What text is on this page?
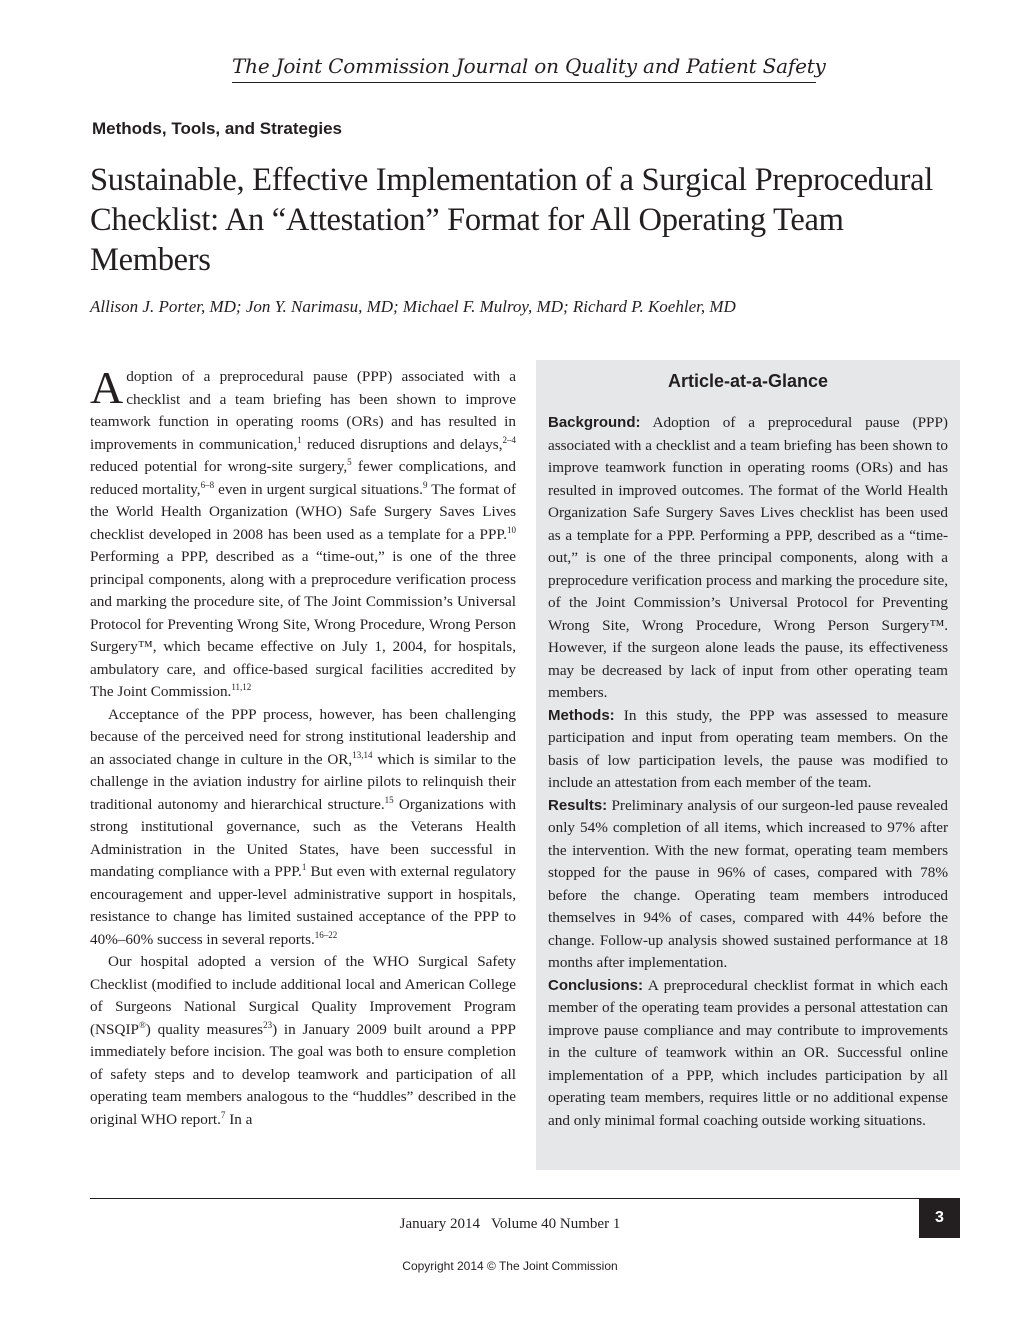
The Joint Commission Journal on Quality and Patient Safety
Methods, Tools, and Strategies
Sustainable, Effective Implementation of a Surgical Preprocedural Checklist: An “Attestation” Format for All Operating Team Members
Allison J. Porter, MD; Jon Y. Narimasu, MD; Michael F. Mulroy, MD; Richard P. Koehler, MD

Adoption of a preprocedural pause (PPP) associated with a checklist and a team briefing has been shown to improve teamwork function in operating rooms (ORs) and has resulted in improvements in communication,$^1$ reduced disruptions and delays,$^{2-4}$ reduced potential for wrong-site surgery,$^5$ fewer complications, and reduced mortality,$^{6-8}$ even in urgent surgical situations.$^9$ The format of the World Health Organization (WHO) Safe Surgery Saves Lives checklist developed in 2008 has been used as a template for a PPP.$^{10}$ Performing a PPP, described as a “time-out,” is one of the three principal components, along with a preprocedure verification process and marking the procedure site, of The Joint Commission’s Universal Protocol for Preventing Wrong Site, Wrong Procedure, Wrong Person Surgery™, which became effective on July 1, 2004, for hospitals, ambulatory care, and office-based surgical facilities accredited by The Joint Commission.$^{11,12}$

Acceptance of the PPP process, however, has been challenging because of the perceived need for strong institutional leadership and an associated change in culture in the OR,$^{13,14}$ which is similar to the challenge in the aviation industry for airline pilots to relinquish their traditional autonomy and hierarchical structure.$^{15}$ Organizations with strong institutional governance, such as the Veterans Health Administration in the United States, have been successful in mandating compliance with a PPP.$^1$ But even with external regulatory encouragement and upper-level administrative support in hospitals, resistance to change has limited sustained acceptance of the PPP to 40%–60% success in several reports.$^{16-22}$

Our hospital adopted a version of the WHO Surgical Safety Checklist (modified to include additional local and American College of Surgeons National Surgical Quality Improvement Program (NSQIP®) quality measures$^{23}$) in January 2009 built around a PPP immediately before incision. The goal was both to ensure completion of safety steps and to develop teamwork and participation of all operating team members analogous to the “huddles” described in the original WHO report.$^7$ In a

Article-at-a-Glance

Background: Adoption of a preprocedural pause (PPP) associated with a checklist and a team briefing has been shown to improve teamwork function in operating rooms (ORs) and has resulted in improved outcomes. The format of the World Health Organization Safe Surgery Saves Lives checklist has been used as a template for a PPP. Performing a PPP, described as a “time-out,” is one of the three principal components, along with a preprocedure verification process and marking the procedure site, of the Joint Commission’s Universal Protocol for Preventing Wrong Site, Wrong Procedure, Wrong Person Surgery™. However, if the surgeon alone leads the pause, its effectiveness may be decreased by lack of input from other operating team members.

Methods: In this study, the PPP was assessed to measure participation and input from operating team members. On the basis of low participation levels, the pause was modified to include an attestation from each member of the team.

Results: Preliminary analysis of our surgeon-led pause revealed only 54% completion of all items, which increased to 97% after the intervention. With the new format, operating team members stopped for the pause in 96% of cases, compared with 78% before the change. Operating team members introduced themselves in 94% of cases, compared with 44% before the change. Follow-up analysis showed sustained performance at 18 months after implementation.

Conclusions: A preprocedural checklist format in which each member of the operating team provides a personal attestation can improve pause compliance and may contribute to improvements in the culture of teamwork within an OR. Successful online implementation of a PPP, which includes participation by all operating team members, requires little or no additional expense and only minimal formal coaching outside working situations.

January 2014   Volume 40 Number 1	3
Copyright 2014 © The Joint Commission
